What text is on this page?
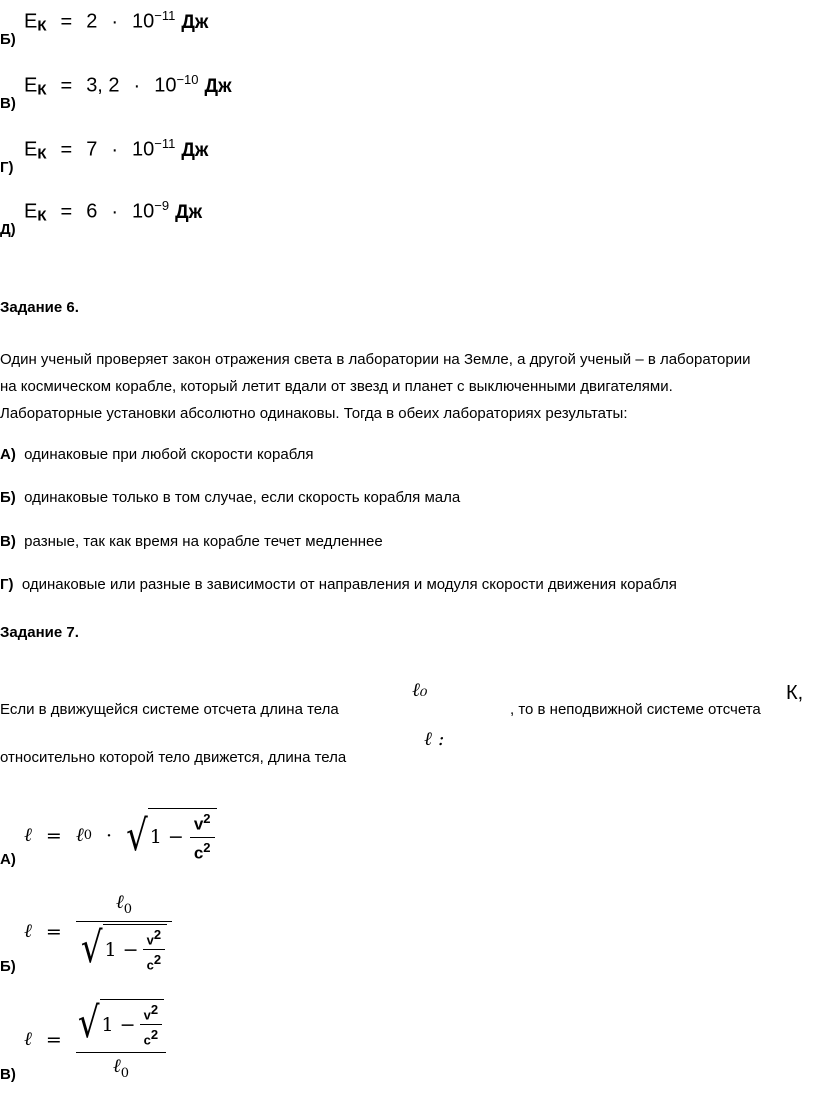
$E_К = 2 \cdot 10^{-11}$ Дж
Б)
$E_К = 3$, $2 \cdot 10^{-10}$ Дж
В)
$E_К = 7 \cdot 10^{-11}$ Дж
Г)
$E_К = 6 \cdot 10^{-9}$ Дж
Д)
Задание 6.
Один ученый проверяет закон отражения света в лаборатории на Земле, а другой ученый – в лаборатории
на космическом корабле, который летит вдали от звезд и планет с выключенными двигателями.
Лабораторные установки абсолютно одинаковы. Тогда в обеих лабораториях результаты:
А) одинаковые при любой скорости корабля
Б) одинаковые только в том случае, если скорость корабля мала
В) разные, так как время на корабле течет медленнее
Г) одинаковые или разные в зависимости от направления и модуля скорости движения корабля
Задание 7.
Если в движущейся системе отсчета длина тела
ℓ₀
, то в неподвижной системе отсчета
К,
ℓ :
относительно которой тело движется, длина тела
ℓ = ℓ 0 · √ $1 - \frac{v^2}{c^2}$
А)
ℓ = $\frac{\ell_0}{√ 1 - \frac{v^2}{c^2}}$
Б)
ℓ = $\frac{√ 1 - \frac{v^2}{c^2}}{\ell_0}$
В)
